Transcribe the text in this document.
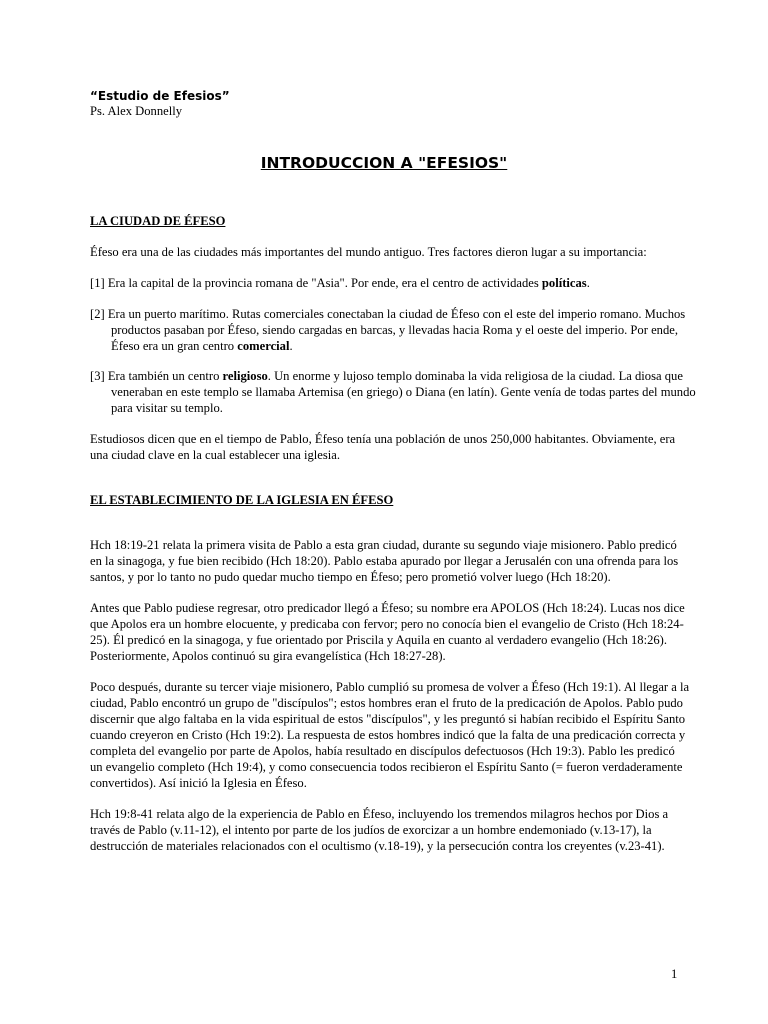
“Estudio de Efesios”
Ps. Alex Donnelly
INTRODUCCION A "EFESIOS"
LA CIUDAD DE ÉFESO

Éfeso era una de las ciudades más importantes del mundo antiguo. Tres factores dieron lugar a su importancia:

[1] Era la capital de la provincia romana de "Asia". Por ende, era el centro de actividades políticas.

[2] Era un puerto marítimo. Rutas comerciales conectaban la ciudad de Éfeso con el este del imperio romano. Muchos productos pasaban por Éfeso, siendo cargadas en barcas, y llevadas hacia Roma y el oeste del imperio. Por ende, Éfeso era un gran centro comercial.

[3] Era también un centro religioso. Un enorme y lujoso templo dominaba la vida religiosa de la ciudad. La diosa que veneraban en este templo se llamaba Artemisa (en griego) o Diana (en latín). Gente venía de todas partes del mundo para visitar su templo.

Estudiosos dicen que en el tiempo de Pablo, Éfeso tenía una población de unos 250,000 habitantes. Obviamente, era una ciudad clave en la cual establecer una iglesia.

EL ESTABLECIMIENTO DE LA IGLESIA EN ÉFESO

Hch 18:19-21 relata la primera visita de Pablo a esta gran ciudad, durante su segundo viaje misionero. Pablo predicó en la sinagoga, y fue bien recibido (Hch 18:20). Pablo estaba apurado por llegar a Jerusalén con una ofrenda para los santos, y por lo tanto no pudo quedar mucho tiempo en Éfeso; pero prometió volver luego (Hch 18:20).

Antes que Pablo pudiese regresar, otro predicador llegó a Éfeso; su nombre era APOLOS (Hch 18:24). Lucas nos dice que Apolos era un hombre elocuente, y predicaba con fervor; pero no conocía bien el evangelio de Cristo (Hch 18:24-25). Él predicó en la sinagoga, y fue orientado por Priscila y Aquila en cuanto al verdadero evangelio (Hch 18:26). Posteriormente, Apolos continuó su gira evangelística (Hch 18:27-28).

Poco después, durante su tercer viaje misionero, Pablo cumplió su promesa de volver a Éfeso (Hch 19:1). Al llegar a la ciudad, Pablo encontró un grupo de "discípulos"; estos hombres eran el fruto de la predicación de Apolos. Pablo pudo discernir que algo faltaba en la vida espiritual de estos "discípulos", y les preguntó si habían recibido el Espíritu Santo cuando creyeron en Cristo (Hch 19:2). La respuesta de estos hombres indicó que la falta de una predicación correcta y completa del evangelio por parte de Apolos, había resultado en discípulos defectuosos (Hch 19:3). Pablo les predicó un evangelio completo (Hch 19:4), y como consecuencia todos recibieron el Espíritu Santo (= fueron verdaderamente convertidos). Así inició la Iglesia en Éfeso.

Hch 19:8-41 relata algo de la experiencia de Pablo en Éfeso, incluyendo los tremendos milagros hechos por Dios a través de Pablo (v.11-12), el intento por parte de los judíos de exorcizar a un hombre endemoniado (v.13-17), la destrucción de materiales relacionados con el ocultismo (v.18-19), y la persecución contra los creyentes (v.23-41).

1
